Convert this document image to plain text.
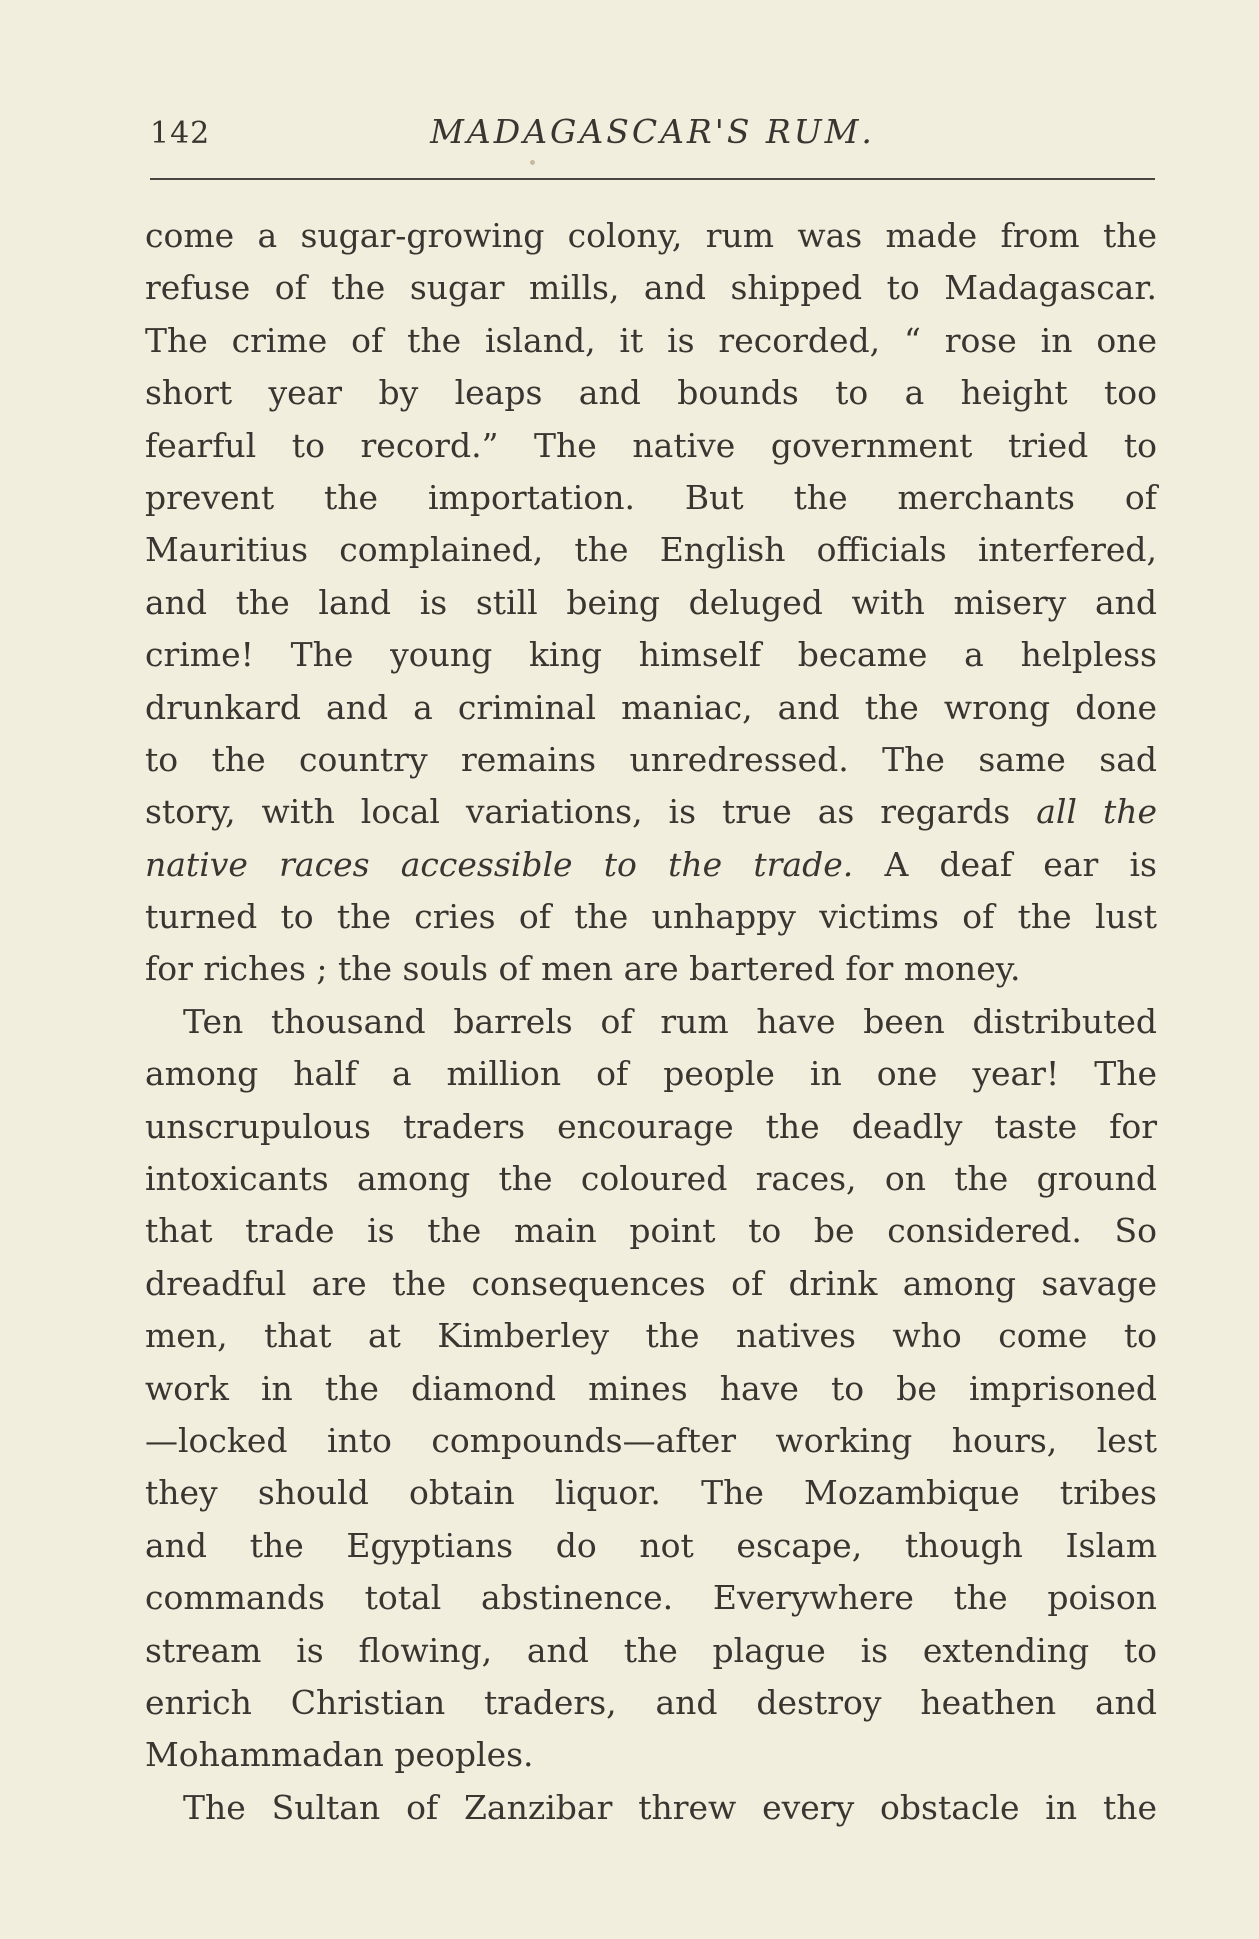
142	MADAGASCAR'S RUM.
come a sugar-growing colony, rum was made from the
refuse of the sugar mills, and shipped to Madagascar.
The crime of the island, it is recorded, “ rose in one
short year by leaps and bounds to a height too
fearful to record.” The native government tried to
prevent the importation. But the merchants of
Mauritius complained, the English officials interfered,
and the land is still being deluged with misery and
crime! The young king himself became a helpless
drunkard and a criminal maniac, and the wrong done
to the country remains unredressed. The same sad
story, with local variations, is true as regards all the
native races accessible to the trade. A deaf ear is
turned to the cries of the unhappy victims of the lust
for riches ; the souls of men are bartered for money.
Ten thousand barrels of rum have been distributed
among half a million of people in one year! The
unscrupulous traders encourage the deadly taste for
intoxicants among the coloured races, on the ground
that trade is the main point to be considered. So
dreadful are the consequences of drink among savage
men, that at Kimberley the natives who come to
work in the diamond mines have to be imprisoned
—locked into compounds—after working hours, lest
they should obtain liquor. The Mozambique tribes
and the Egyptians do not escape, though Islam
commands total abstinence. Everywhere the poison
stream is flowing, and the plague is extending to
enrich Christian traders, and destroy heathen and
Mohammadan peoples.
The Sultan of Zanzibar threw every obstacle in the
